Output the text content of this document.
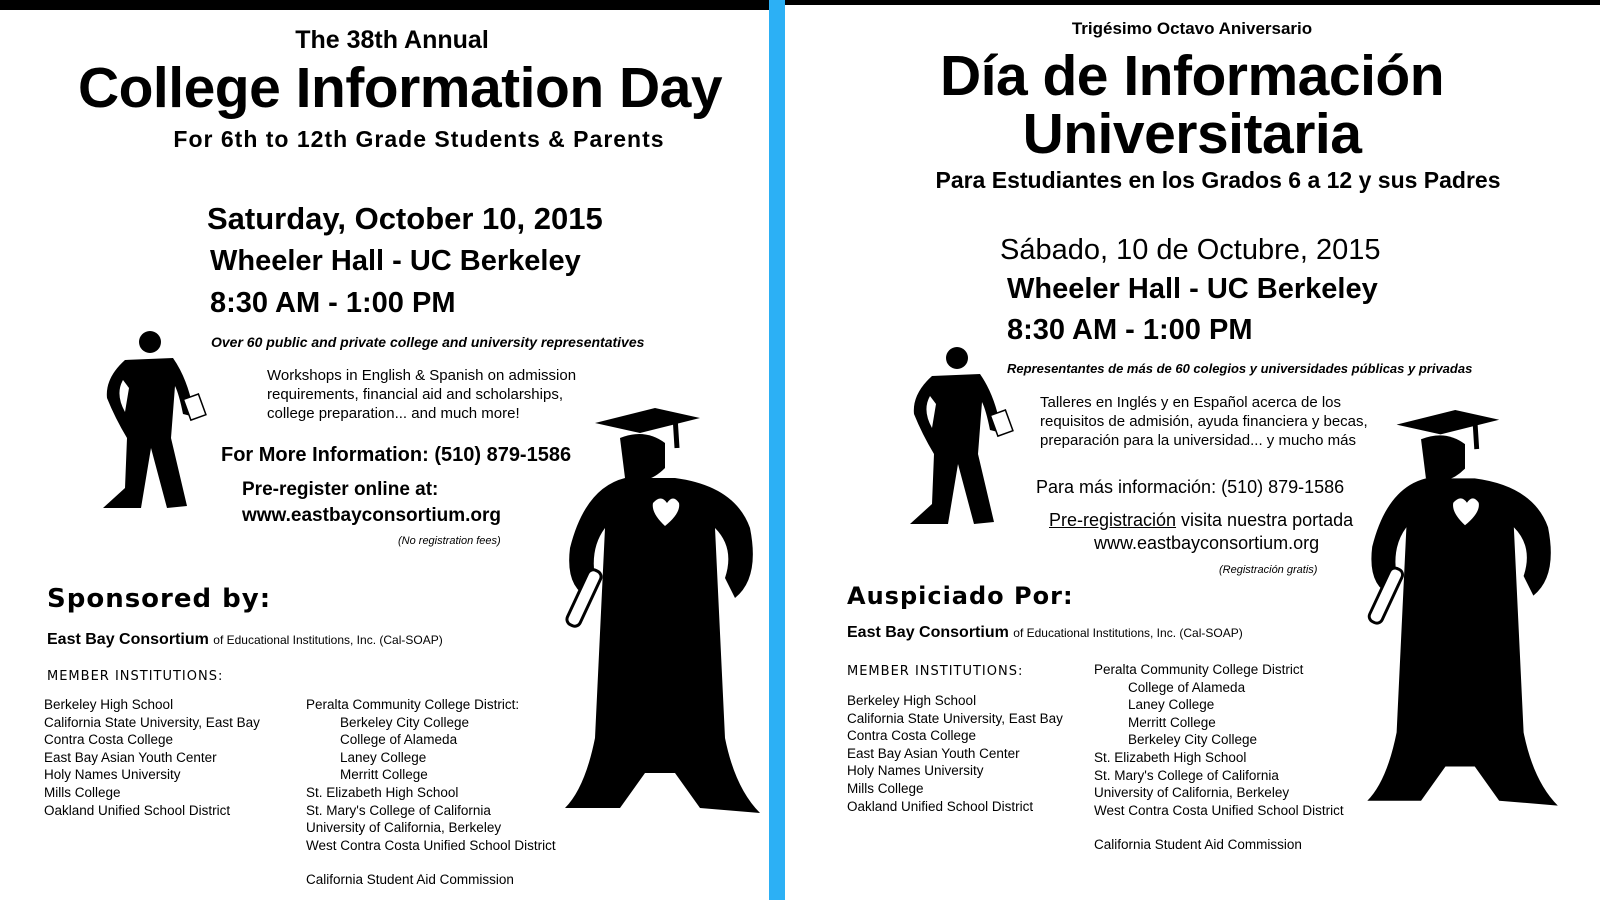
The 38th Annual
College Information Day
For 6th to 12th Grade Students & Parents
Saturday, October 10, 2015
Wheeler Hall - UC Berkeley
8:30 AM - 1:00 PM
Over 60 public and private college and university representatives
Workshops in English & Spanish on admission
requirements, financial aid and scholarships,
college preparation... and much more!
For More Information: (510) 879-1586
Pre-register online at:
www.eastbayconsortium.org
(No registration fees)
Sponsored by:
East Bay Consortium of Educational Institutions, Inc. (Cal-SOAP)
MEMBER INSTITUTIONS:
Berkeley High School
California State University, East Bay
Contra Costa College
East Bay Asian Youth Center
Holy Names University
Mills College
Oakland Unified School District
Peralta Community College District:
Berkeley City College
College of Alameda
Laney College
Merritt College
St. Elizabeth High School
St. Mary's College of California
University of California, Berkeley
West Contra Costa Unified School District
California Student Aid Commission
Trigésimo Octavo Aniversario
Día de Información
Universitaria
Para Estudiantes en los Grados 6 a 12 y sus Padres
Sábado, 10 de Octubre, 2015
Wheeler Hall - UC Berkeley
8:30 AM - 1:00 PM
Representantes de más de 60 colegios y universidades públicas y privadas
Talleres en Inglés y en Español acerca de los
requisitos de admisión, ayuda financiera y becas,
preparación para la universidad... y mucho más
Para más información: (510) 879-1586
Pre-registración visita nuestra portada
www.eastbayconsortium.org
(Registración gratis)
Auspiciado Por:
East Bay Consortium of Educational Institutions, Inc. (Cal-SOAP)
MEMBER INSTITUTIONS:
Berkeley High School
California State University, East Bay
Contra Costa College
East Bay Asian Youth Center
Holy Names University
Mills College
Oakland Unified School District
Peralta Community College District
College of Alameda
Laney College
Merritt College
Berkeley City College
St. Elizabeth High School
St. Mary's College of California
University of California, Berkeley
West Contra Costa Unified School District
California Student Aid Commission
